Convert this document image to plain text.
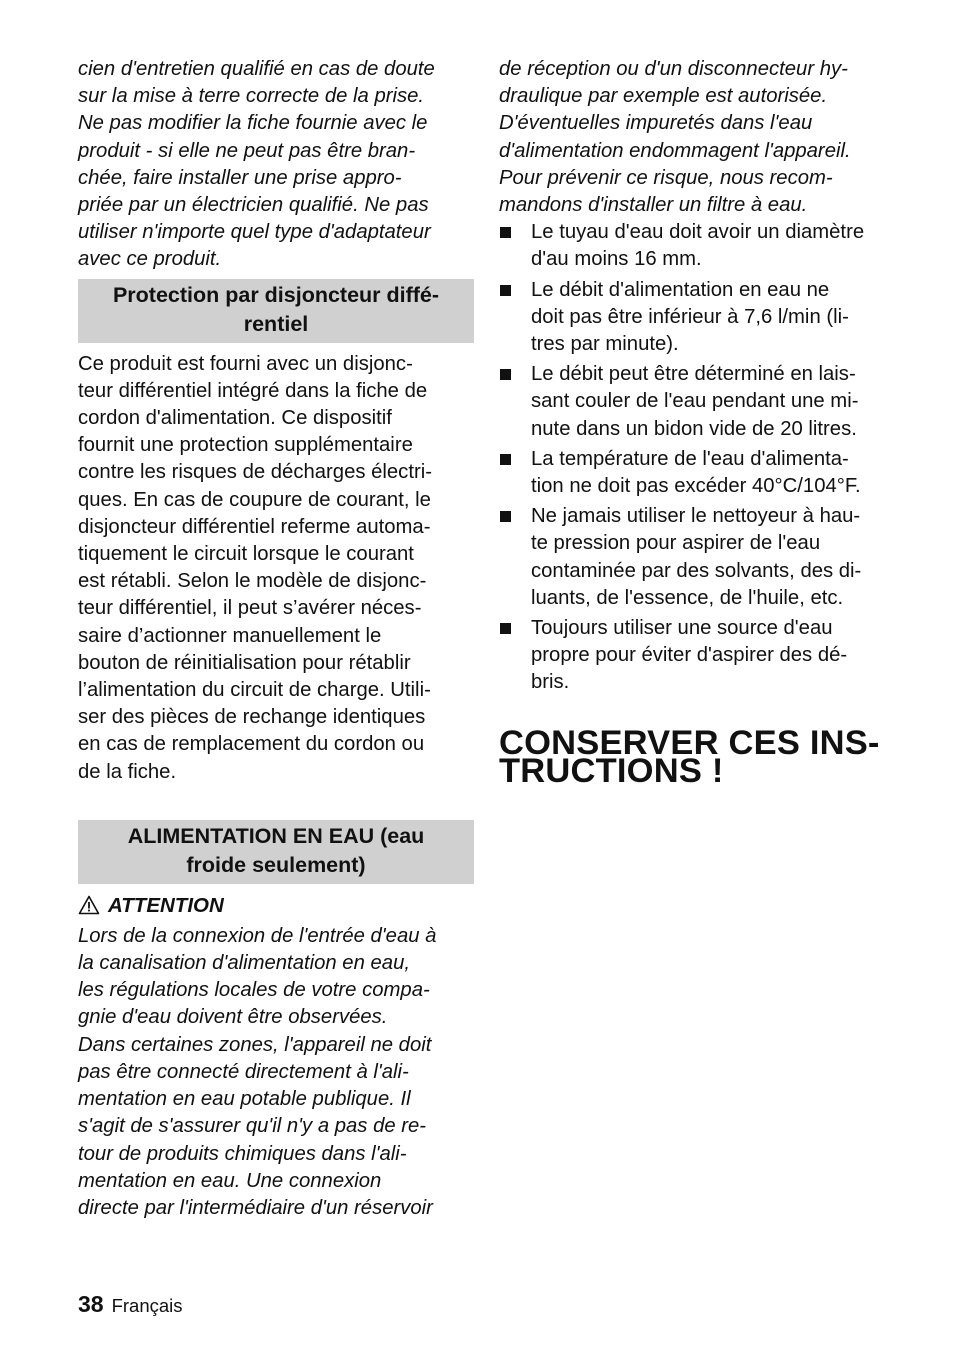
cien d'entretien qualifié en cas de doute
sur la mise à terre correcte de la prise.
Ne pas modifier la fiche fournie avec le
produit - si elle ne peut pas être bran-
chée, faire installer une prise appro-
priée par un électricien qualifié. Ne pas
utiliser n'importe quel type d'adaptateur
avec ce produit.

Protection par disjoncteur diffé-
rentiel

Ce produit est fourni avec un disjonc-
teur différentiel intégré dans la fiche de
cordon d'alimentation. Ce dispositif
fournit une protection supplémentaire
contre les risques de décharges électri-
ques. En cas de coupure de courant, le
disjoncteur différentiel referme automa-
tiquement le circuit lorsque le courant
est rétabli. Selon le modèle de disjonc-
teur différentiel, il peut s’avérer néces-
saire d’actionner manuellement le
bouton de réinitialisation pour rétablir
l’alimentation du circuit de charge. Utili-
ser des pièces de rechange identiques
en cas de remplacement du cordon ou
de la fiche.

ALIMENTATION EN EAU (eau
froide seulement)
ATTENTION

Lors de la connexion de l'entrée d'eau à
la canalisation d'alimentation en eau,
les régulations locales de votre compa-
gnie d'eau doivent être observées.
Dans certaines zones, l'appareil ne doit
pas être connecté directement à l'ali-
mentation en eau potable publique. Il
s'agit de s'assurer qu'il n'y a pas de re-
tour de produits chimiques dans l'ali-
mentation en eau. Une connexion
directe par l'intermédiaire d'un réservoir

de réception ou d'un disconnecteur hy-
draulique par exemple est autorisée.
D'éventuelles impuretés dans l'eau
d'alimentation endommagent l'appareil.
Pour prévenir ce risque, nous recom-
mandons d'installer un filtre à eau.

Le tuyau d'eau doit avoir un diamètre
d'au moins 16 mm.

Le débit d'alimentation en eau ne
doit pas être inférieur à 7,6 l/min (li-
tres par minute).

Le débit peut être déterminé en lais-
sant couler de l'eau pendant une mi-
nute dans un bidon vide de 20 litres.

La température de l'eau d'alimenta-
tion ne doit pas excéder 40°C/104°F.

Ne jamais utiliser le nettoyeur à hau-
te pression pour aspirer de l'eau
contaminée par des solvants, des di-
luants, de l'essence, de l'huile, etc.

Toujours utiliser une source d'eau
propre pour éviter d'aspirer des dé-
bris.

CONSERVER CES INS-
TRUCTIONS !
38 Français
